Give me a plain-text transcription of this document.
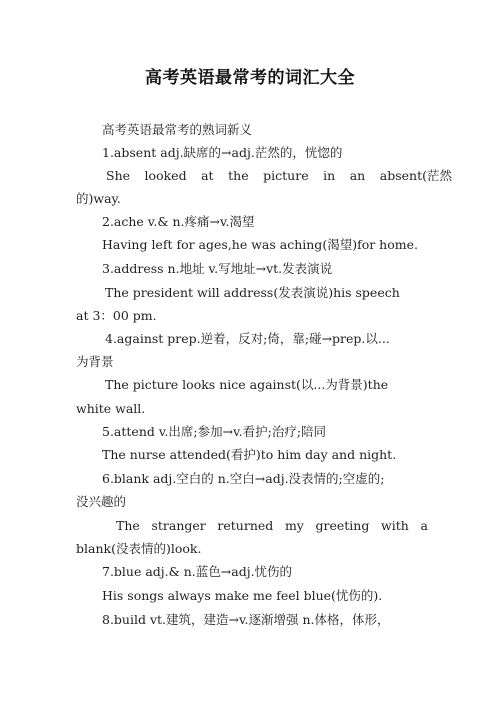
高考英语最常考的词汇大全
高考英语最常考的熟词新义
1.absent adj.缺席的→adj.茫然的，恍惚的
She looked at the picture in an absent(茫然
的)way.
2.ache v.& n.疼痛→v.渴望
Having left for ages,he was aching(渴望)for home.
3.address n.地址 v.写地址→vt.发表演说
The president will address(发表演说)his speech
at 3：00 pm.
4.against prep.逆着，反对;倚，靠;碰→prep.以...
为背景
The picture looks nice against(以...为背景)the
white wall.
5.attend v.出席;参加→v.看护;治疗;陪同
The nurse attended(看护)to him day and night.
6.blank adj.空白的 n.空白→adj.没表情的;空虚的;
没兴趣的
The stranger returned my greeting with a
blank(没表情的)look.
7.blue adj.& n.蓝色→adj.忧伤的
His songs always make me feel blue(忧伤的).
8.build vt.建筑，建造→v.逐渐增强 n.体格，体形，
